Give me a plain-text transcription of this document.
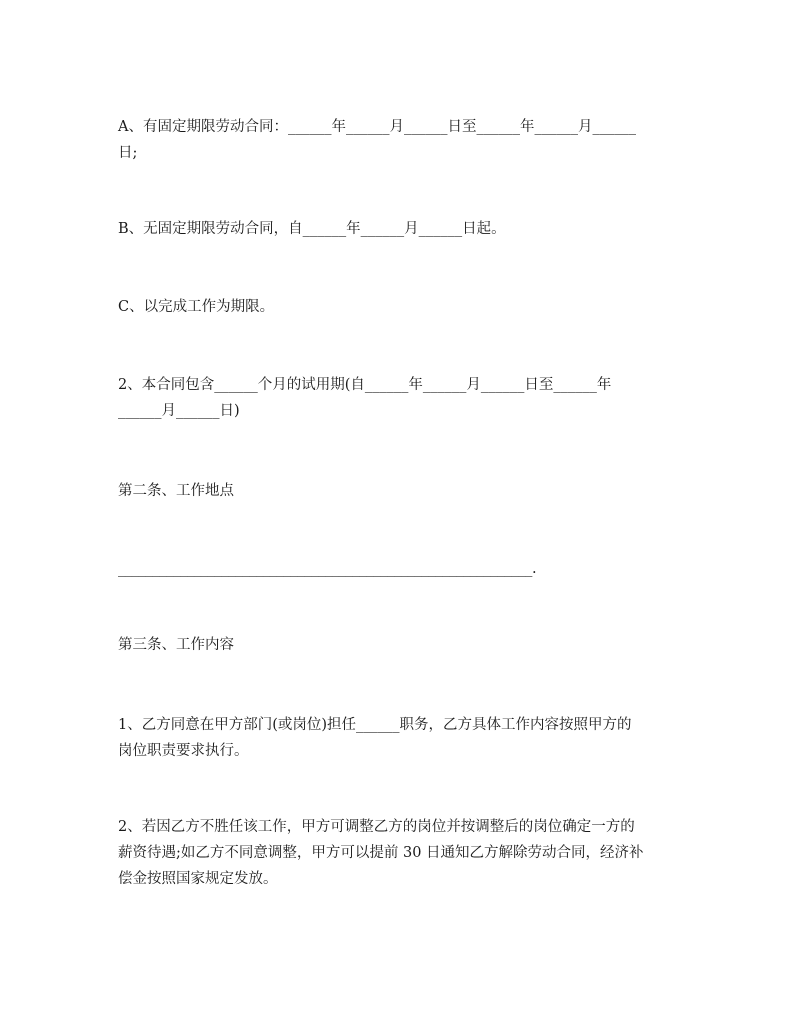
A、有固定期限劳动合同：______年______月______日至______年______月______
日;

B、无固定期限劳动合同，自______年______月______日起。

C、以完成工作为期限。

2、本合同包含______个月的试用期(自______年______月______日至______年
______月______日)

第二条、工作地点

____________________________________________________________.

第三条、工作内容

1、乙方同意在甲方部门(或岗位)担任______职务，乙方具体工作内容按照甲方的
岗位职责要求执行。

2、若因乙方不胜任该工作，甲方可调整乙方的岗位并按调整后的岗位确定一方的
薪资待遇;如乙方不同意调整，甲方可以提前 30 日通知乙方解除劳动合同，经济补
偿金按照国家规定发放。
